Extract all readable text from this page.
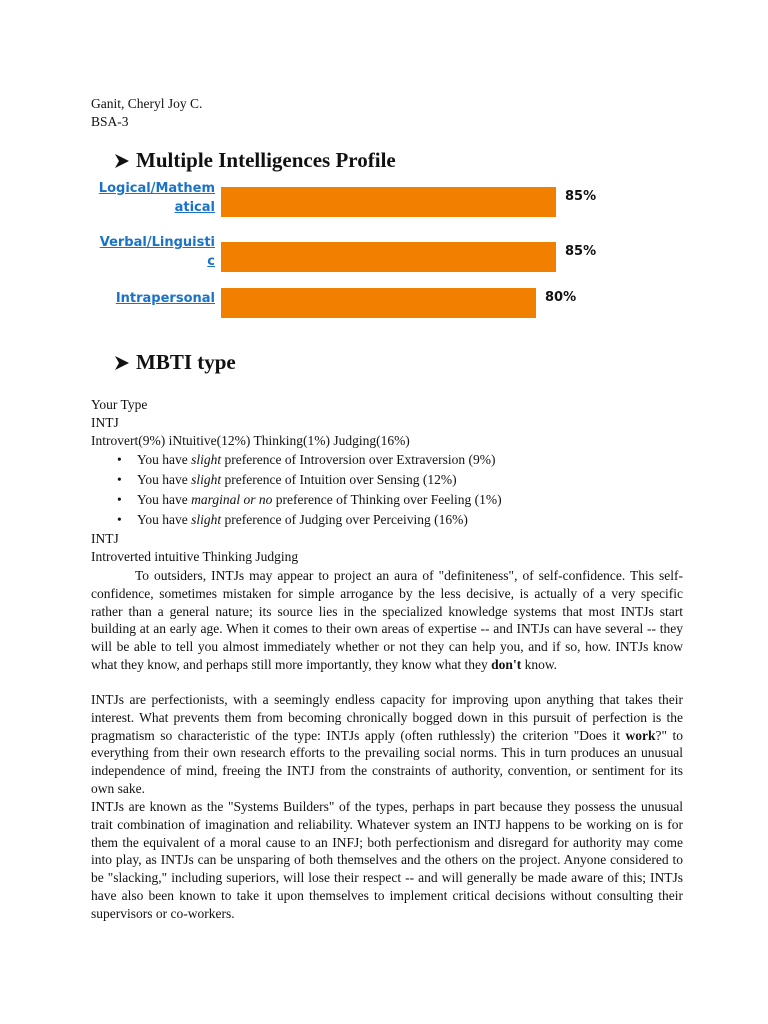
Ganit, Cheryl Joy C.
BSA-3
Multiple Intelligences Profile
Logical/Mathem
atical
85%
Verbal/Linguisti
c
85%
Intrapersonal	80%
MBTI type
Your Type
INTJ
Introvert(9%) iNtuitive(12%) Thinking(1%) Judging(16%)
• You have slight preference of Introversion over Extraversion (9%)
• You have slight preference of Intuition over Sensing (12%)
• You have marginal or no preference of Thinking over Feeling (1%)
• You have slight preference of Judging over Perceiving (16%)
INTJ
Introverted intuitive Thinking Judging
To outsiders, INTJs may appear to project an aura of "definiteness", of self-confidence. This self-confidence, sometimes mistaken for simple arrogance by the less decisive, is actually of a very specific rather than a general nature; its source lies in the specialized knowledge systems that most INTJs start building at an early age. When it comes to their own areas of expertise -- and INTJs can have several -- they will be able to tell you almost immediately whether or not they can help you, and if so, how. INTJs know what they know, and perhaps still more importantly, they know what they don't know.
INTJs are perfectionists, with a seemingly endless capacity for improving upon anything that takes their interest. What prevents them from becoming chronically bogged down in this pursuit of perfection is the pragmatism so characteristic of the type: INTJs apply (often ruthlessly) the criterion "Does it work?" to everything from their own research efforts to the prevailing social norms. This in turn produces an unusual independence of mind, freeing the INTJ from the constraints of authority, convention, or sentiment for its own sake.
INTJs are known as the "Systems Builders" of the types, perhaps in part because they possess the unusual trait combination of imagination and reliability. Whatever system an INTJ happens to be working on is for them the equivalent of a moral cause to an INFJ; both perfectionism and disregard for authority may come into play, as INTJs can be unsparing of both themselves and the others on the project. Anyone considered to be "slacking," including superiors, will lose their respect -- and will generally be made aware of this; INTJs have also been known to take it upon themselves to implement critical decisions without consulting their supervisors or co-workers.
